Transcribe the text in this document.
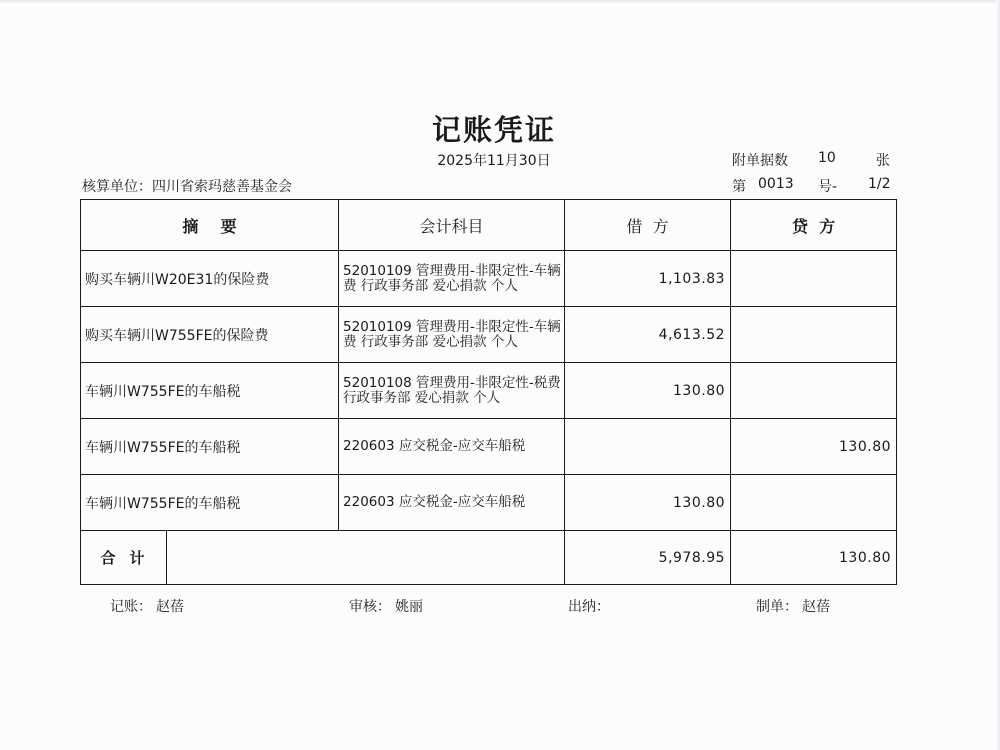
记账凭证
2025年11月30日	附单据数 10	张
核算单位：四川省索玛慈善基金会	第 0013 号- 1/2
摘    要		会计科目	借  方	贷  方
购买车辆川W20E31的保险费		52010109 管理费用-非限定性-车辆费 行政事务部 爱心捐款 个人	1,103.83	
购买车辆川W755FE的保险费		52010109 管理费用-非限定性-车辆费 行政事务部 爱心捐款 个人	4,613.52	
车辆川W755FE的车船税		52010108 管理费用-非限定性-税费 行政事务部 爱心捐款 个人	130.80	
车辆川W755FE的车船税		220603 应交税金-应交车船税		130.80
车辆川W755FE的车船税		220603 应交税金-应交车船税	130.80	
合计			5,978.95	130.80
记账： 赵蓓	审核： 姚丽	出纳：	制单： 赵蓓
